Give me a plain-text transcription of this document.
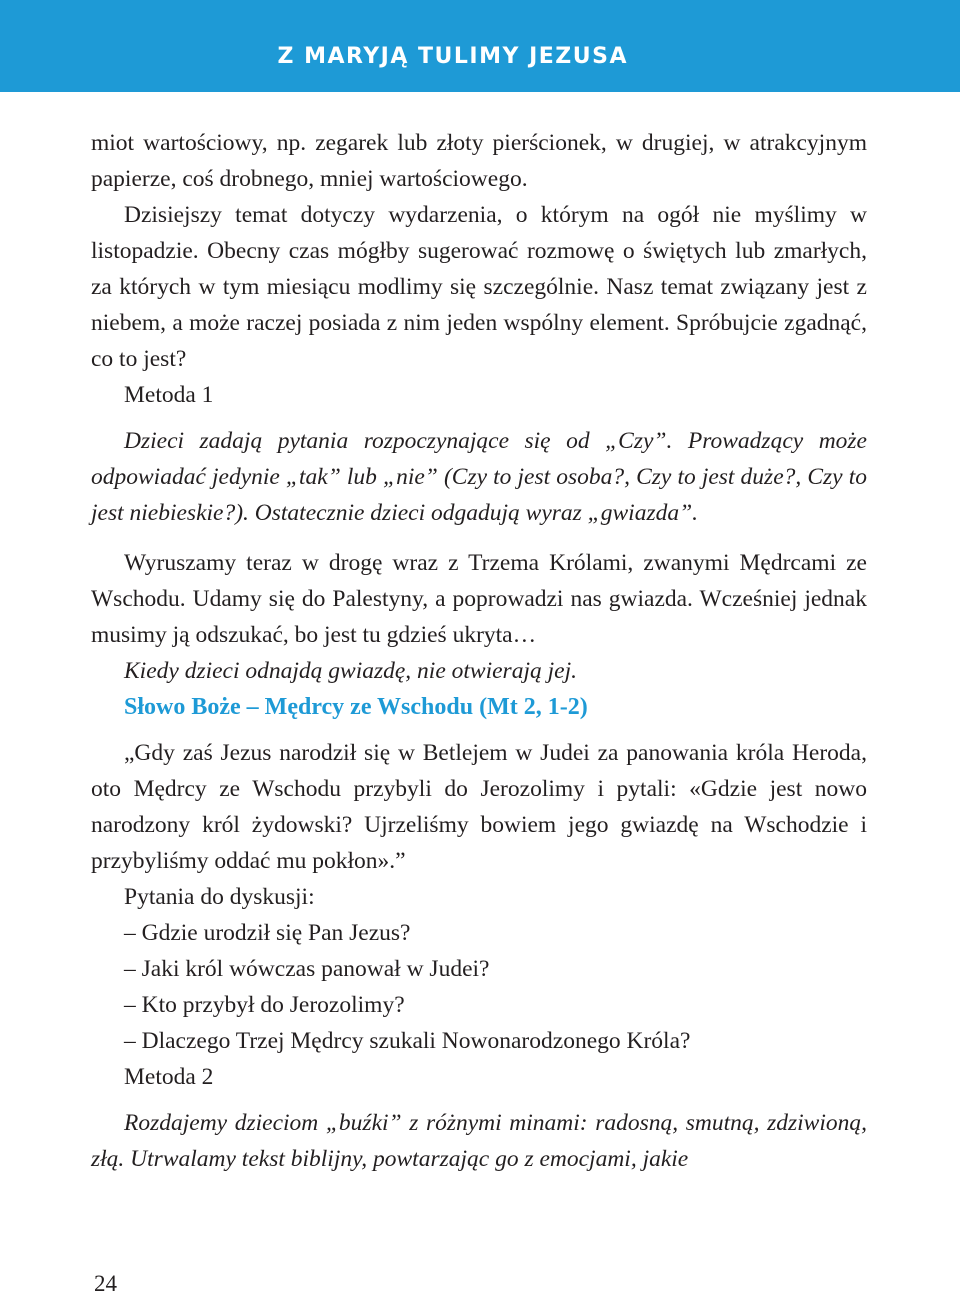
Z MARYJĄ TULIMY JEZUSA

miot wartościowy, np. zegarek lub złoty pierścionek, w drugiej, w atrakcyjnym papierze, coś drobnego, mniej wartościowego.

Dzisiejszy temat dotyczy wydarzenia, o którym na ogół nie myślimy w listopadzie. Obecny czas mógłby sugerować rozmowę o świętych lub zmarłych, za których w tym miesiącu modlimy się szczególnie. Nasz temat związany jest z niebem, a może raczej posiada z nim jeden wspólny element. Spróbujcie zgadnąć, co to jest?

Metoda 1

Dzieci zadają pytania rozpoczynające się od „Czy”. Prowadzący może odpowiadać jedynie „tak” lub „nie” (Czy to jest osoba?, Czy to jest duże?, Czy to jest niebieskie?). Ostatecznie dzieci odgadują wyraz „gwiazda”.

Wyruszamy teraz w drogę wraz z Trzema Królami, zwanymi Mędrcami ze Wschodu. Udamy się do Palestyny, a poprowadzi nas gwiazda. Wcześniej jednak musimy ją odszukać, bo jest tu gdzieś ukryta…

Kiedy dzieci odnajdą gwiazdę, nie otwierają jej.

Słowo Boże – Mędrcy ze Wschodu (Mt 2, 1-2)

„Gdy zaś Jezus narodził się w Betlejem w Judei za panowania króla Heroda, oto Mędrcy ze Wschodu przybyli do Jerozolimy i pytali: «Gdzie jest nowo narodzony król żydowski? Ujrzeliśmy bowiem jego gwiazdę na Wschodzie i przybyliśmy oddać mu pokłon».”

Pytania do dyskusji:

– Gdzie urodził się Pan Jezus?
– Jaki król wówczas panował w Judei?
– Kto przybył do Jerozolimy?
– Dlaczego Trzej Mędrcy szukali Nowonarodzonego Króla?

Metoda 2

Rozdajemy dzieciom „buźki” z różnymi minami: radosną, smutną, zdziwioną, złą. Utrwalamy tekst biblijny, powtarzając go z emocjami, jakie

24
